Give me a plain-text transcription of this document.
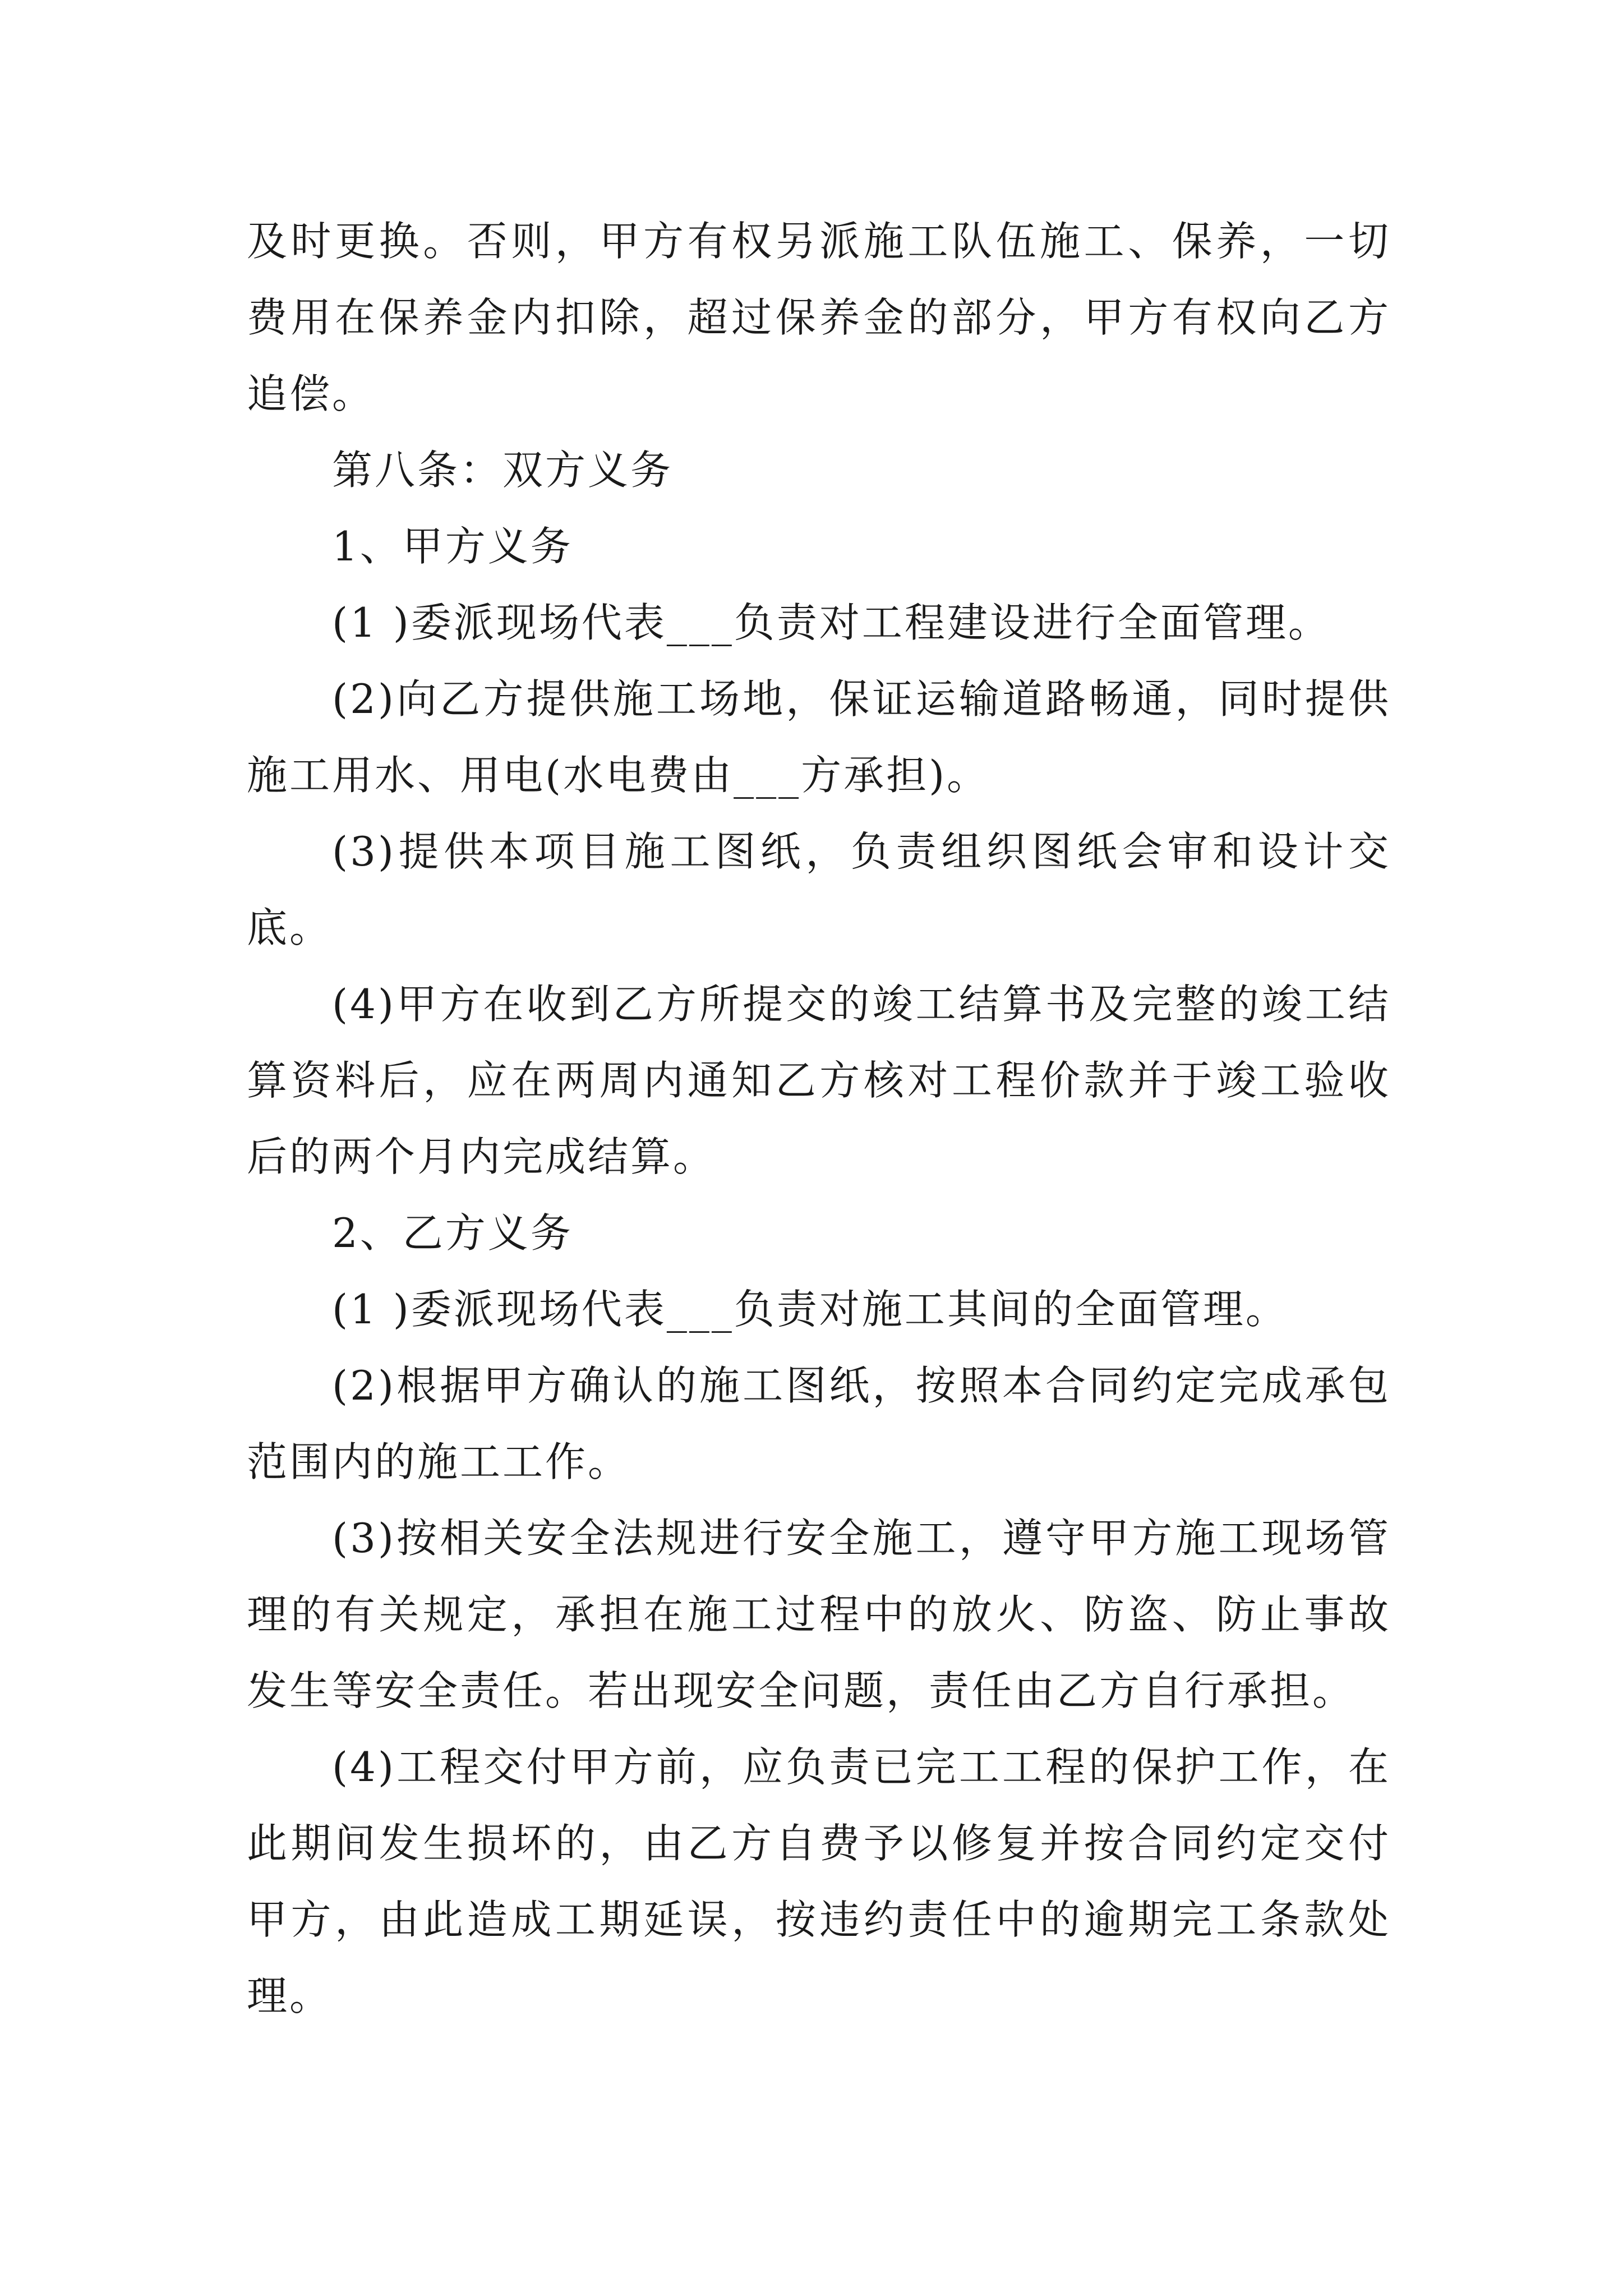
及时更换。否则，甲方有权另派施工队伍施工、保养，一切费用在保养金内扣除，超过保养金的部分，甲方有权向乙方追偿。

第八条：双方义务

1、甲方义务

(1 )委派现场代表___负责对工程建设进行全面管理。

(2)向乙方提供施工场地，保证运输道路畅通，同时提供施工用水、用电(水电费由___方承担)。

(3)提供本项目施工图纸，负责组织图纸会审和设计交底。

(4)甲方在收到乙方所提交的竣工结算书及完整的竣工结算资料后，应在两周内通知乙方核对工程价款并于竣工验收后的两个月内完成结算。

2、乙方义务

(1 )委派现场代表___负责对施工其间的全面管理。

(2)根据甲方确认的施工图纸，按照本合同约定完成承包范围内的施工工作。

(3)按相关安全法规进行安全施工，遵守甲方施工现场管理的有关规定，承担在施工过程中的放火、防盗、防止事故发生等安全责任。若出现安全问题，责任由乙方自行承担。

(4)工程交付甲方前，应负责已完工工程的保护工作，在此期间发生损坏的，由乙方自费予以修复并按合同约定交付甲方，由此造成工期延误，按违约责任中的逾期完工条款处理。
